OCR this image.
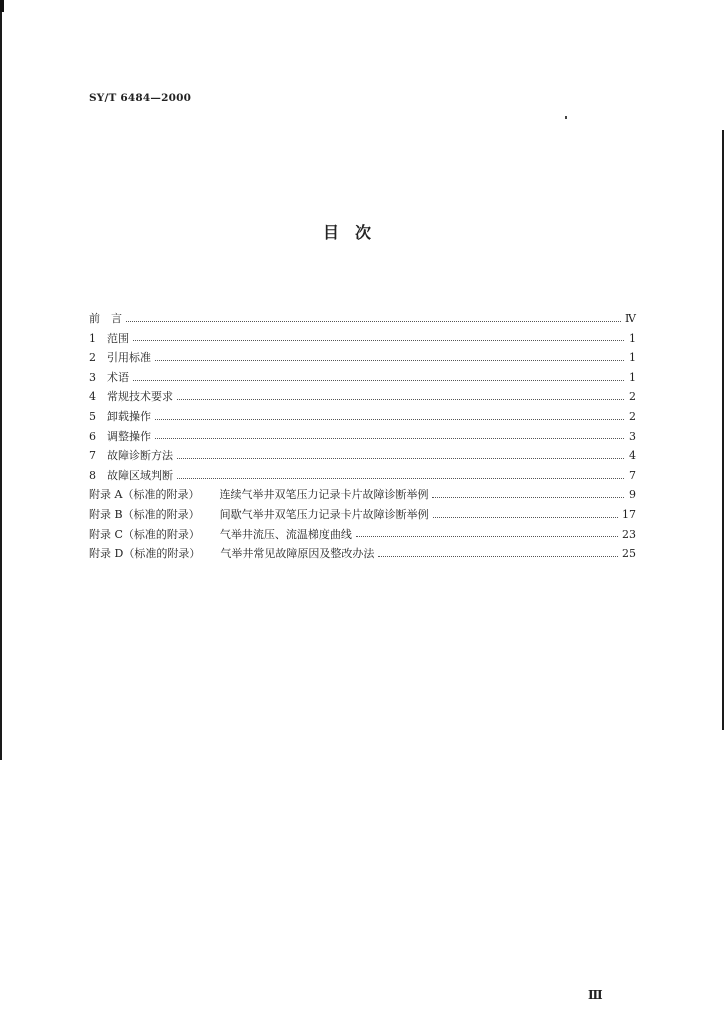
SY/T 6484—2000
目　次
前　言	Ⅳ
1　范围	1
2　引用标准	1
3　术语	1
4　常规技术要求	2
5　卸载操作	2
6　调整操作	3
7　故障诊断方法	4
8　故障区域判断	7
附录 A（标准的附录） 连续气举井双笔压力记录卡片故障诊断举例	9
附录 B（标准的附录） 间歇气举井双笔压力记录卡片故障诊断举例	17
附录 C（标准的附录） 气举井流压、流温梯度曲线	23
附录 D（标准的附录） 气举井常见故障原因及整改办法	25
Ⅲ
